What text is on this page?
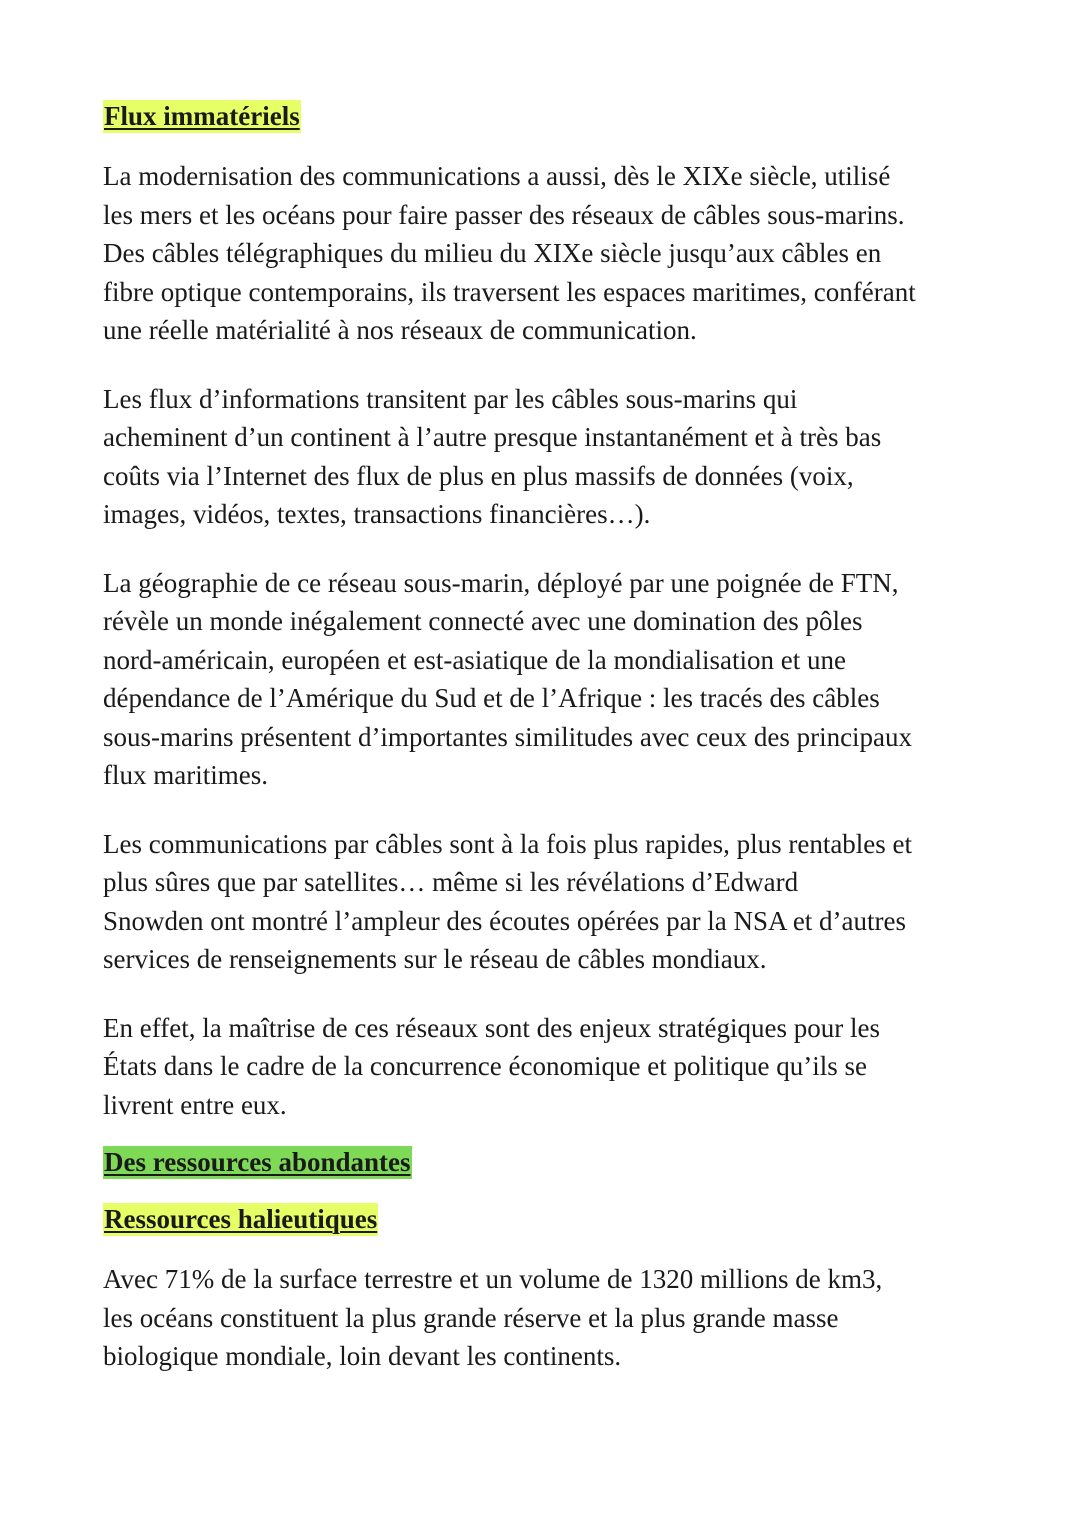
Flux immatériels
La modernisation des communications a aussi, dès le XIXe siècle, utilisé
les mers et les océans pour faire passer des réseaux de câbles sous-marins.
Des câbles télégraphiques du milieu du XIXe siècle jusqu’aux câbles en
fibre optique contemporains, ils traversent les espaces maritimes, conférant
une réelle matérialité à nos réseaux de communication.
Les flux d’informations transitent par les câbles sous-marins qui
acheminent d’un continent à l’autre presque instantanément et à très bas
coûts via l’Internet des flux de plus en plus massifs de données (voix,
images, vidéos, textes, transactions financières…).
La géographie de ce réseau sous-marin, déployé par une poignée de FTN,
révèle un monde inégalement connecté avec une domination des pôles
nord-américain, européen et est-asiatique de la mondialisation et une
dépendance de l’Amérique du Sud et de l’Afrique : les tracés des câbles
sous-marins présentent d’importantes similitudes avec ceux des principaux
flux maritimes.
Les communications par câbles sont à la fois plus rapides, plus rentables et
plus sûres que par satellites… même si les révélations d’Edward
Snowden ont montré l’ampleur des écoutes opérées par la NSA et d’autres
services de renseignements sur le réseau de câbles mondiaux.
En effet, la maîtrise de ces réseaux sont des enjeux stratégiques pour les
États dans le cadre de la concurrence économique et politique qu’ils se
livrent entre eux.
Des ressources abondantes
Ressources halieutiques
Avec 71% de la surface terrestre et un volume de 1320 millions de km3,
les océans constituent la plus grande réserve et la plus grande masse
biologique mondiale, loin devant les continents.
